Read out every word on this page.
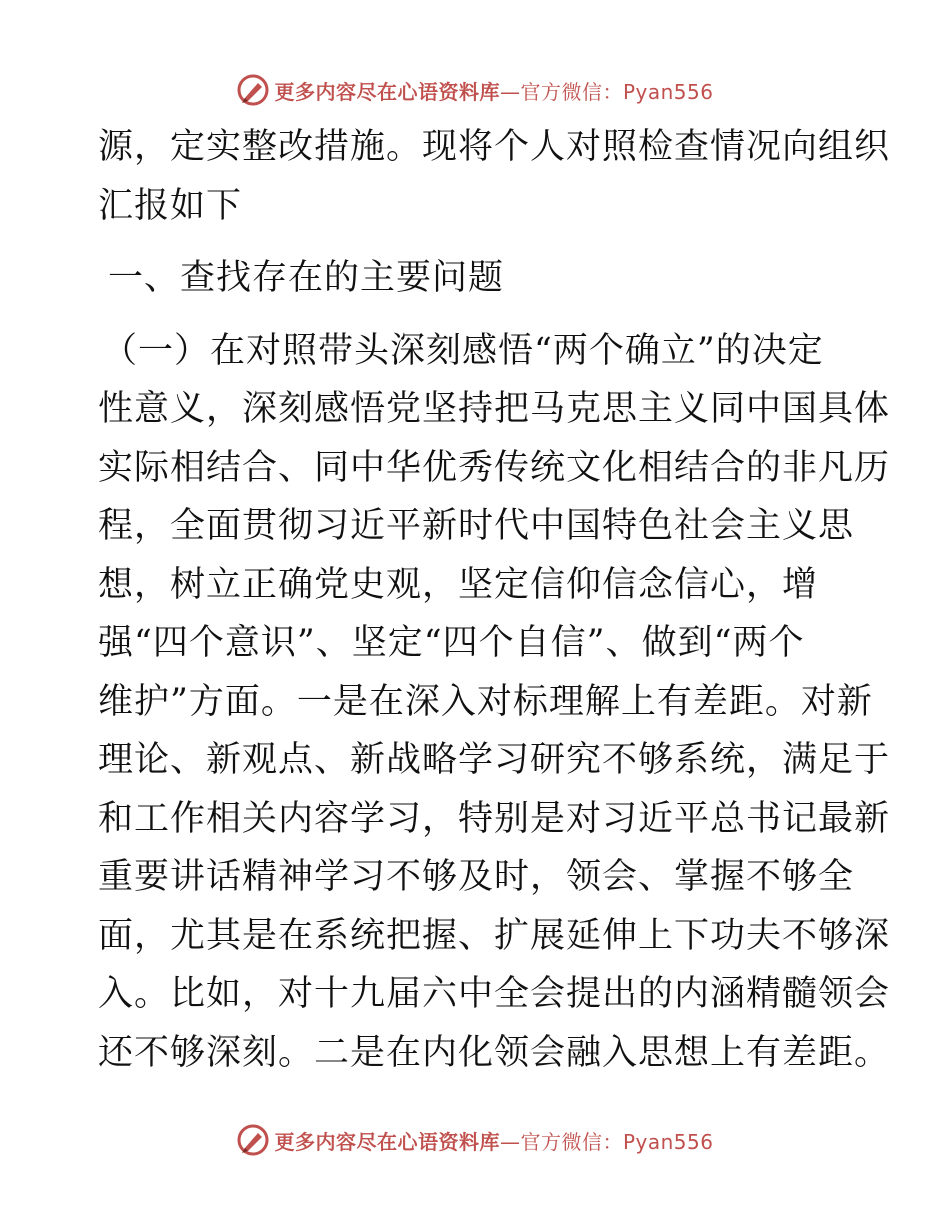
更多内容尽在心语资料库—官方微信：Pyan556
源，定实整改措施。现将个人对照检查情况向组织
汇报如下
一、查找存在的主要问题
（一）在对照带头深刻感悟“两个确立”的决定
性意义，深刻感悟党坚持把马克思主义同中国具体
实际相结合、同中华优秀传统文化相结合的非凡历
程，全面贯彻习近平新时代中国特色社会主义思
想，树立正确党史观，坚定信仰信念信心，增
强“四个意识”、坚定“四个自信”、做到“两个
维护”方面。一是在深入对标理解上有差距。对新
理论、新观点、新战略学习研究不够系统，满足于
和工作相关内容学习，特别是对习近平总书记最新
重要讲话精神学习不够及时，领会、掌握不够全
面，尤其是在系统把握、扩展延伸上下功夫不够深
入。比如，对十九届六中全会提出的内涵精髓领会
还不够深刻。二是在内化领会融入思想上有差距。
更多内容尽在心语资料库—官方微信：Pyan556
